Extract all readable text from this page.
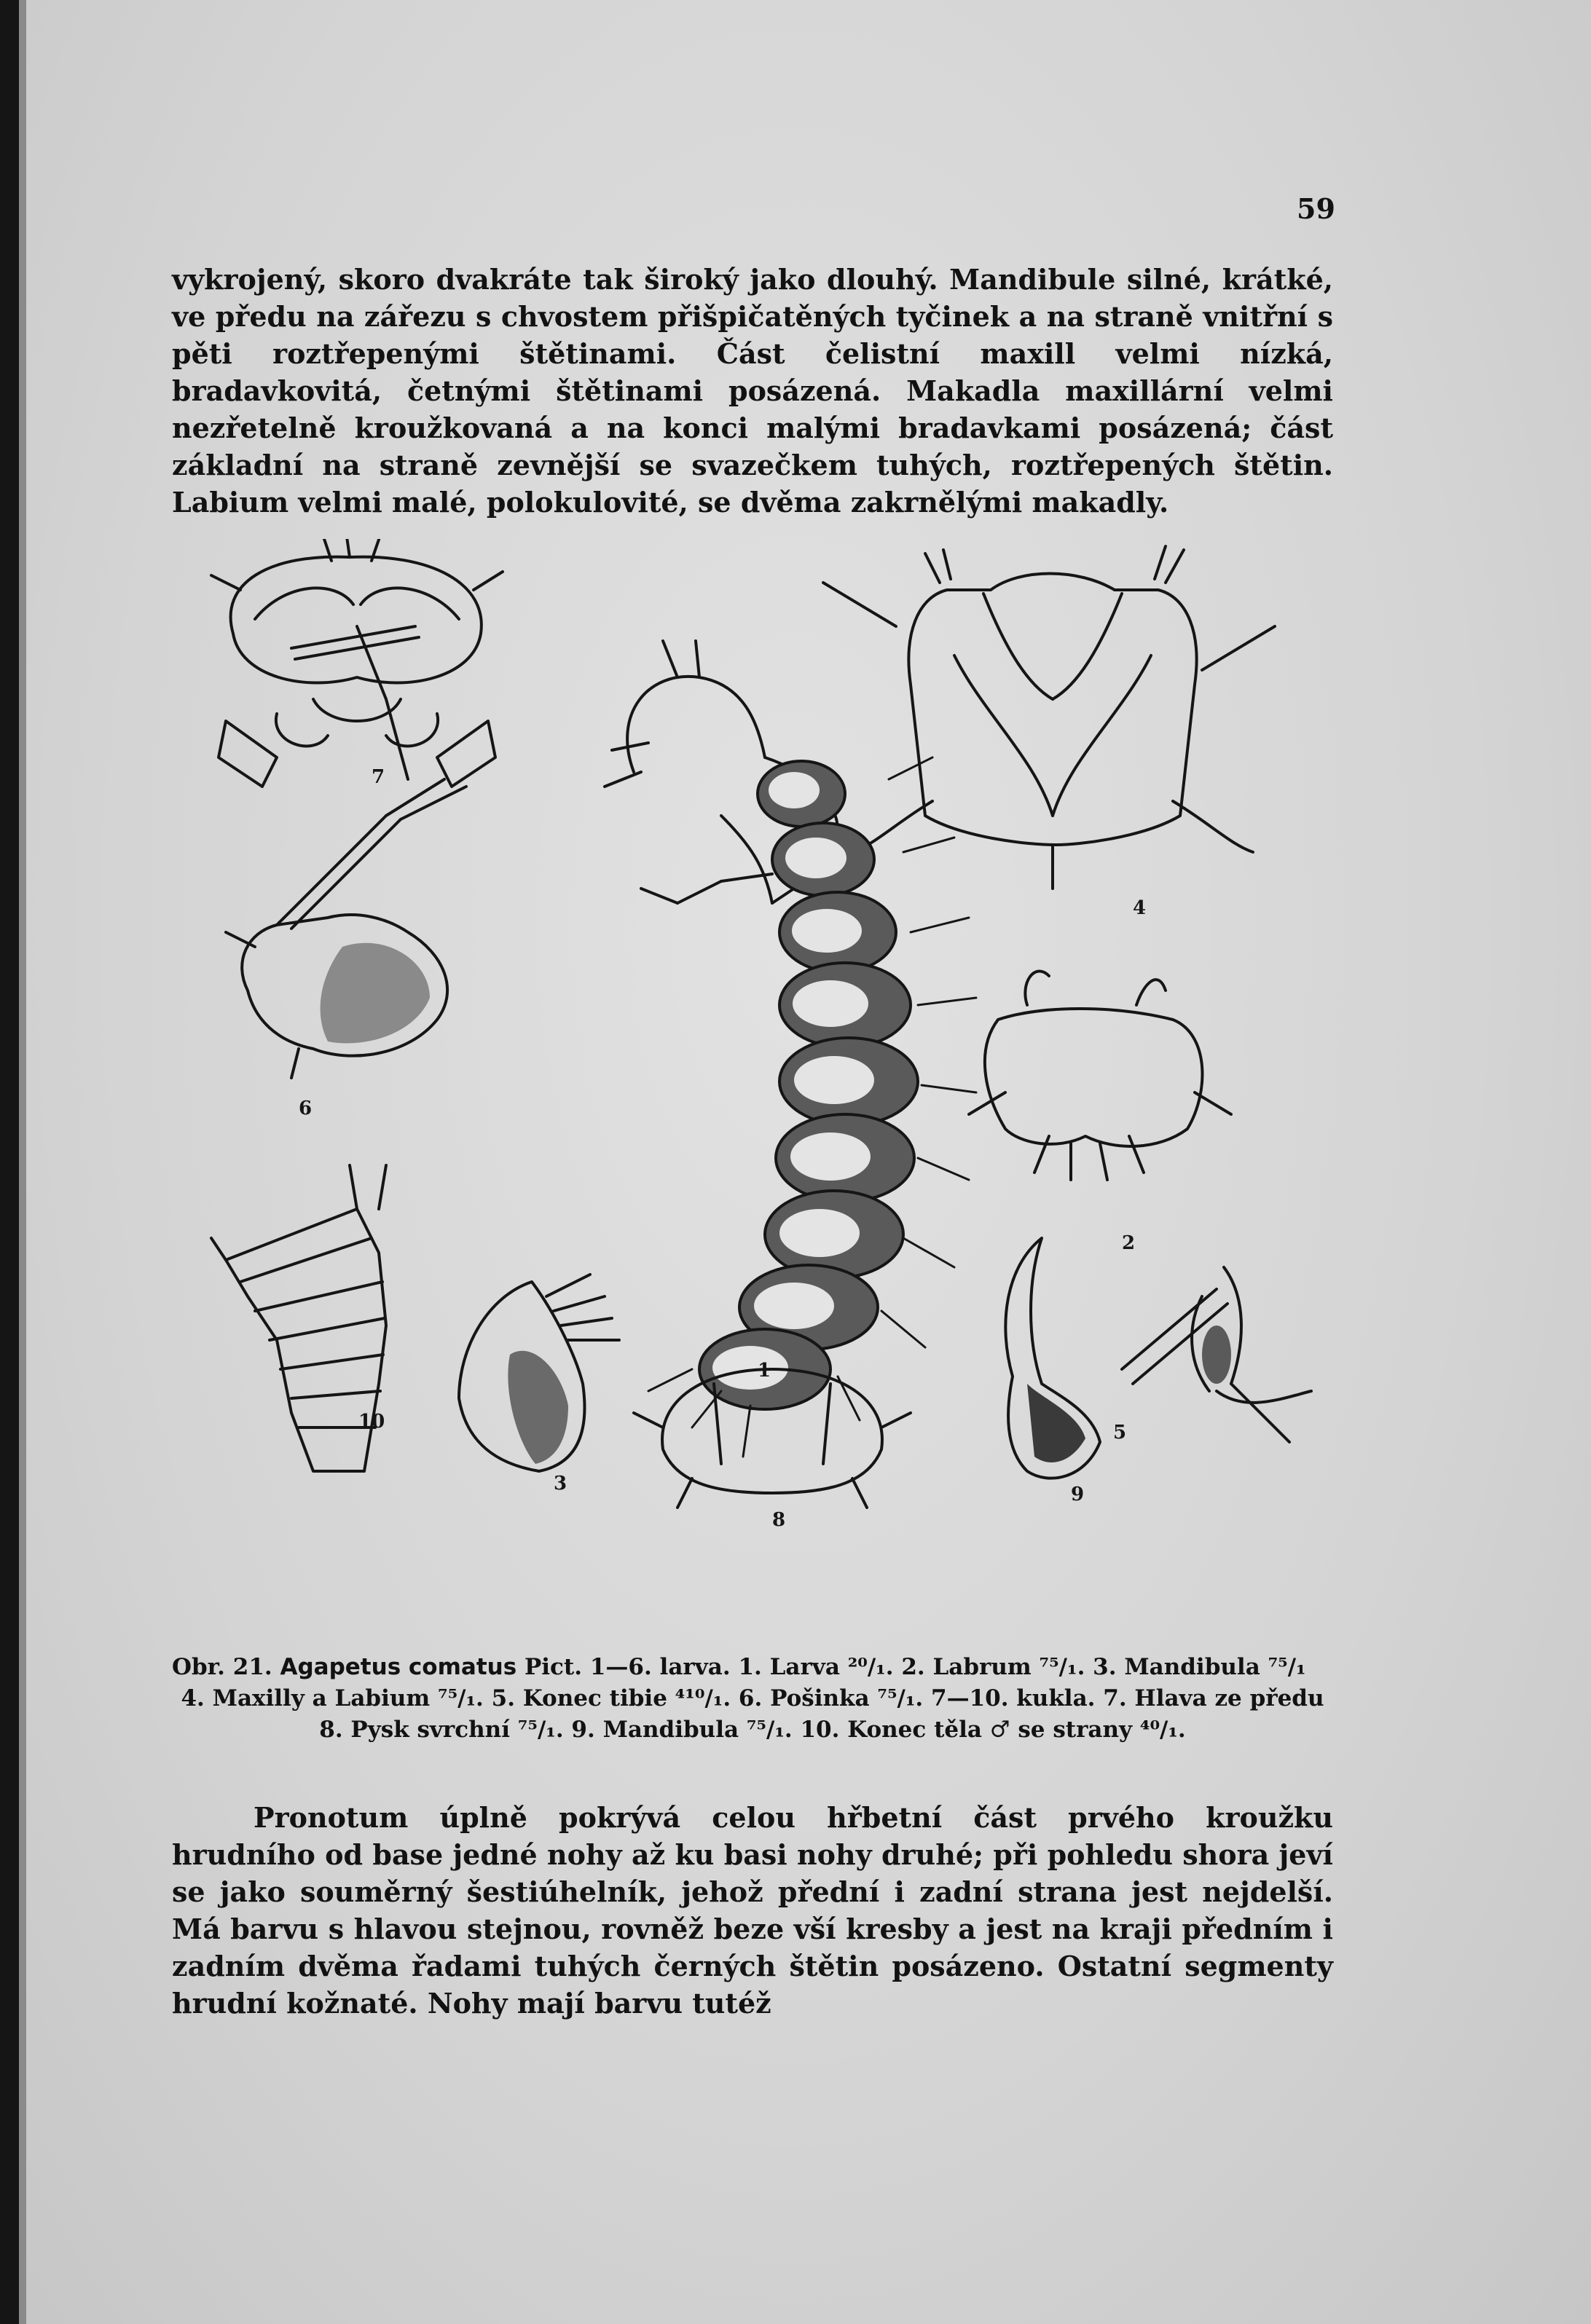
59

vykrojený, skoro dvakráte tak široký jako dlouhý. Mandibule silné, krátké, ve předu na zářezu s chvostem přišpičatěných tyčinek a na straně vnitřní s pěti roztřepenými štětinami. Část čelistní maxill velmi nízká, bradavkovitá, četnými štětinami posázená. Makadla maxillární velmi nezřetelně kroužkovaná a na konci malými bradavkami posázená; část základní na straně zevnější se svazečkem tuhých, roztřepených štětin. Labium velmi malé, polokulovité, se dvěma zakrnělými makadly.

7
4
1
6
2
10
3
8
9
5

Obr. 21. Agapetus comatus Pict. 1—6. larva. 1. Larva ²⁰/₁. 2. Labrum ⁷⁵/₁. 3. Mandibula ⁷⁵/₁
4. Maxilly a Labium ⁷⁵/₁. 5. Konec tibie ⁴¹⁰/₁. 6. Pošinka ⁷⁵/₁. 7—10. kukla. 7. Hlava ze předu
8. Pysk svrchní ⁷⁵/₁. 9. Mandibula ⁷⁵/₁. 10. Konec těla ♂ se strany ⁴⁰/₁.

Pronotum úplně pokrývá celou hřbetní část prvého kroužku hrudního od base jedné nohy až ku basi nohy druhé; při pohledu shora jeví se jako souměrný šestiúhelník, jehož přední i zadní strana jest nejdelší. Má barvu s hlavou stejnou, rovněž beze vší kresby a jest na kraji předním i zadním dvěma řadami tuhých černých štětin posázeno. Ostatní segmenty hrudní kožnaté. Nohy mají barvu tutéž
